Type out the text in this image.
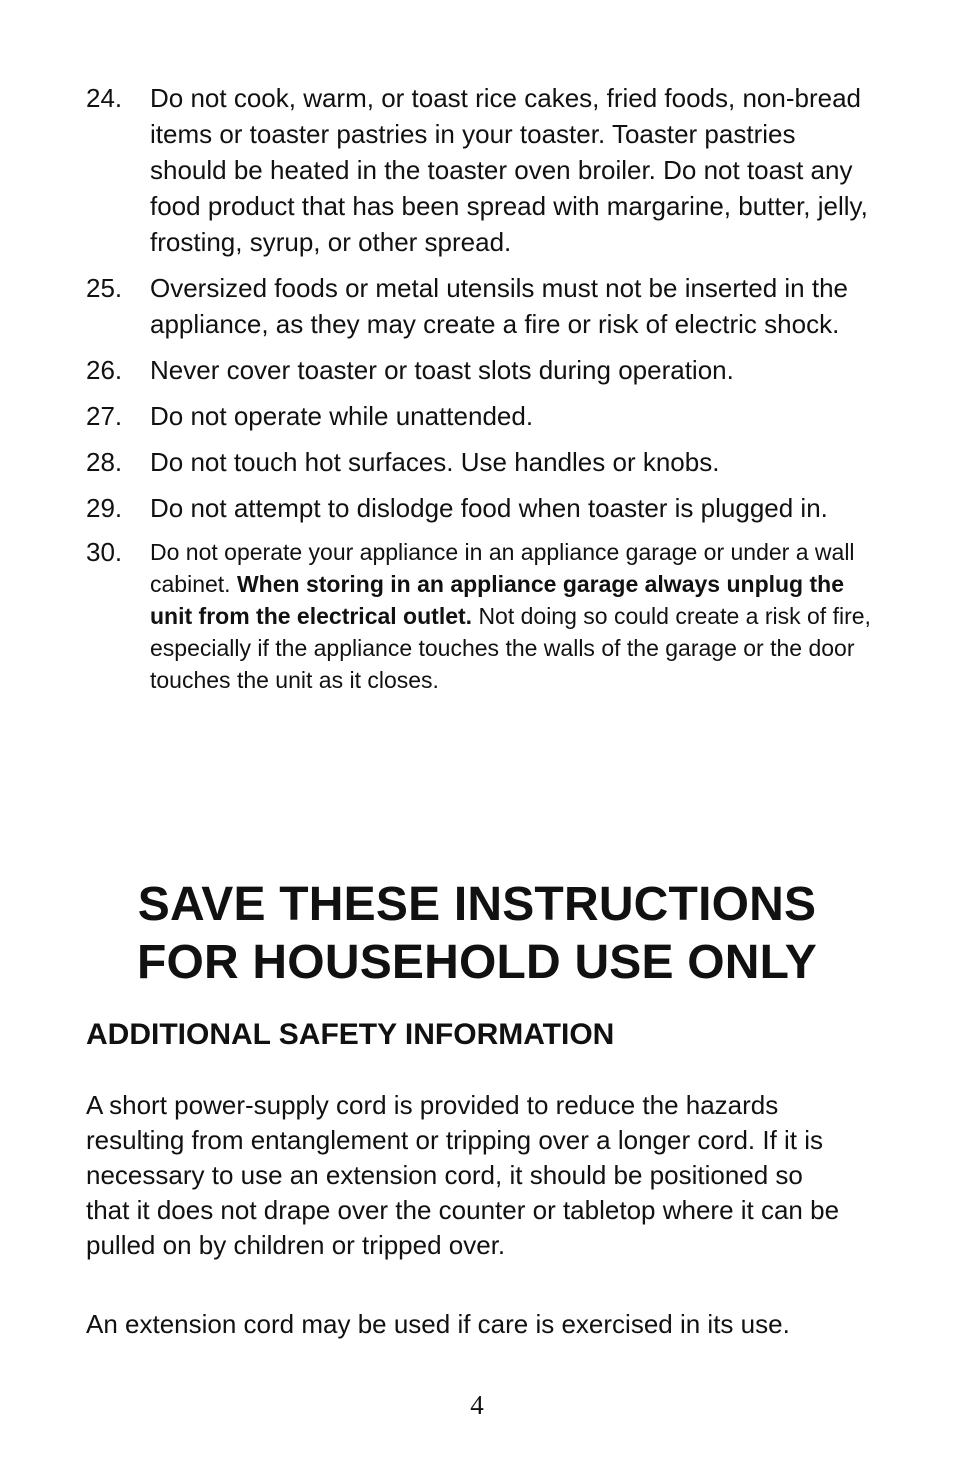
24.	Do not cook, warm, or toast rice cakes, fried foods, non-bread items or toaster pastries in your toaster. Toaster pastries should be heated in the toaster oven broiler. Do not toast any food product that has been spread with margarine, butter, jelly, frosting, syrup, or other spread.
25.	Oversized foods or metal utensils must not be inserted in the appliance, as they may create a fire or risk of electric shock.
26.	Never cover toaster or toast slots during operation.
27.	Do not operate while unattended.
28.	Do not touch hot surfaces. Use handles or knobs.
29.	Do not attempt to dislodge food when toaster is plugged in.
30.	Do not operate your appliance in an appliance garage or under a wall cabinet. When storing in an appliance garage always unplug the unit from the electrical outlet. Not doing so could create a risk of fire, especially if the appliance touches the walls of the garage or the door touches the unit as it closes.
SAVE THESE INSTRUCTIONS
FOR HOUSEHOLD USE ONLY
ADDITIONAL SAFETY INFORMATION

A short power-supply cord is provided to reduce the hazards resulting from entanglement or tripping over a longer cord. If it is necessary to use an extension cord, it should be positioned so that it does not drape over the counter or tabletop where it can be pulled on by children or tripped over.

An extension cord may be used if care is exercised in its use.

4
